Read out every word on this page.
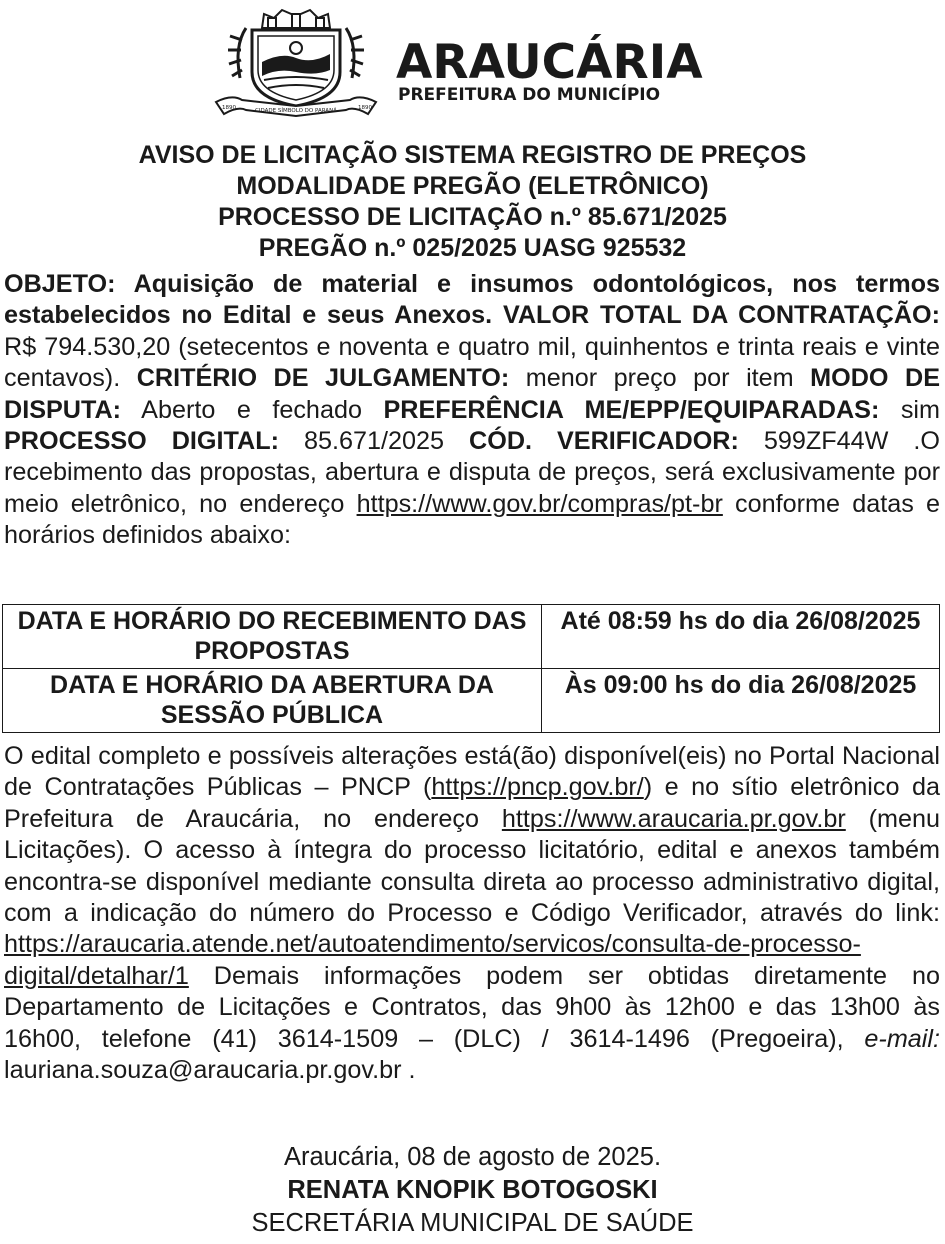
1890	CIDADE SÍMBOLO DO PARANÁ	1890
ARAUCÁRIA
PREFEITURA DO MUNICÍPIO
AVISO DE LICITAÇÃO SISTEMA REGISTRO DE PREÇOS
MODALIDADE PREGÃO (ELETRÔNICO)
PROCESSO DE LICITAÇÃO n.º 85.671/2025
PREGÃO n.º 025/2025 UASG 925532
OBJETO: Aquisição de material e insumos odontológicos, nos termos estabelecidos no Edital e seus Anexos. VALOR TOTAL DA CONTRATAÇÃO: R$ 794.530,20 (setecentos e noventa e quatro mil, quinhentos e trinta reais e vinte centavos). CRITÉRIO DE JULGAMENTO: menor preço por item MODO DE DISPUTA: Aberto e fechado PREFERÊNCIA ME/EPP/EQUIPARADAS: sim PROCESSO DIGITAL: 85.671/2025 CÓD. VERIFICADOR: 599ZF44W .O recebimento das propostas, abertura e disputa de preços, será exclusivamente por meio eletrônico, no endereço https://www.gov.br/compras/pt-br conforme datas e horários definidos abaixo:
DATA E HORÁRIO DO RECEBIMENTO DAS PROPOSTAS	Até 08:59 hs do dia 26/08/2025
DATA E HORÁRIO DA ABERTURA DA SESSÃO PÚBLICA	Às 09:00 hs do dia 26/08/2025
O edital completo e possíveis alterações está(ão) disponível(eis) no Portal Nacional de Contratações Públicas – PNCP (https://pncp.gov.br/) e no sítio eletrônico da Prefeitura de Araucária, no endereço https://www.araucaria.pr.gov.br (menu Licitações). O acesso à íntegra do processo licitatório, edital e anexos também encontra-se disponível mediante consulta direta ao processo administrativo digital, com a indicação do número do Processo e Código Verificador, através do link: https://araucaria.atende.net/autoatendimento/servicos/consulta-de-processo-digital/detalhar/1 Demais informações podem ser obtidas diretamente no Departamento de Licitações e Contratos, das 9h00 às 12h00 e das 13h00 às 16h00, telefone (41) 3614-1509 – (DLC) / 3614-1496 (Pregoeira), e-mail: lauriana.souza@araucaria.pr.gov.br .
Araucária, 08 de agosto de 2025.
RENATA KNOPIK BOTOGOSKI
SECRETÁRIA MUNICIPAL DE SAÚDE
